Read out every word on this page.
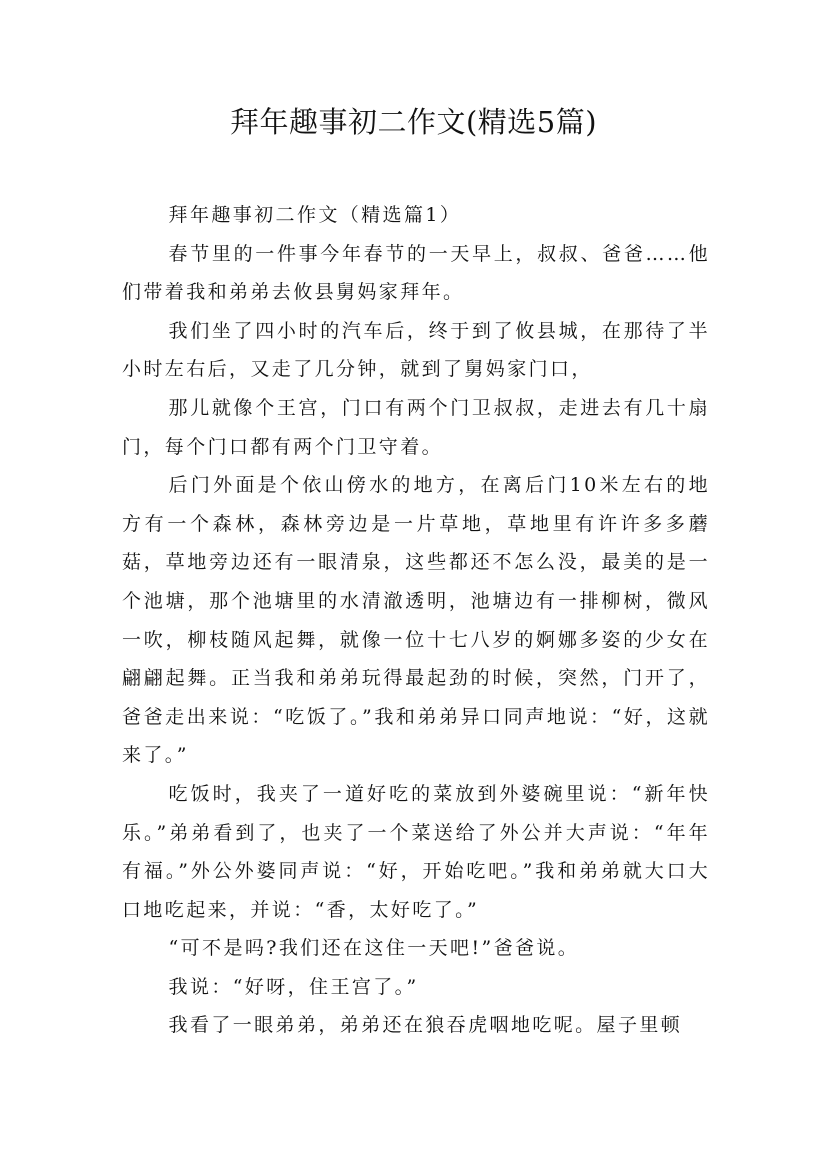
拜年趣事初二作文(精选5篇)

拜年趣事初二作文（精选篇1）

春节里的一件事今年春节的一天早上，叔叔、爸爸……他们带着我和弟弟去攸县舅妈家拜年。

我们坐了四小时的汽车后，终于到了攸县城，在那待了半小时左右后，又走了几分钟，就到了舅妈家门口，

那儿就像个王宫，门口有两个门卫叔叔，走进去有几十扇门，每个门口都有两个门卫守着。

后门外面是个依山傍水的地方，在离后门10米左右的地方有一个森林，森林旁边是一片草地，草地里有许许多多蘑菇，草地旁边还有一眼清泉，这些都还不怎么没，最美的是一个池塘，那个池塘里的水清澈透明，池塘边有一排柳树，微风一吹，柳枝随风起舞，就像一位十七八岁的婀娜多姿的少女在翩翩起舞。正当我和弟弟玩得最起劲的时候，突然，门开了，爸爸走出来说：“吃饭了。”我和弟弟异口同声地说：“好，这就来了。”

吃饭时，我夹了一道好吃的菜放到外婆碗里说：“新年快乐。”弟弟看到了，也夹了一个菜送给了外公并大声说：“年年有福。”外公外婆同声说：“好，开始吃吧。”我和弟弟就大口大口地吃起来，并说：“香，太好吃了。”

“可不是吗?我们还在这住一天吧!”爸爸说。

我说：“好呀，住王宫了。”

我看了一眼弟弟，弟弟还在狼吞虎咽地吃呢。屋子里顿
